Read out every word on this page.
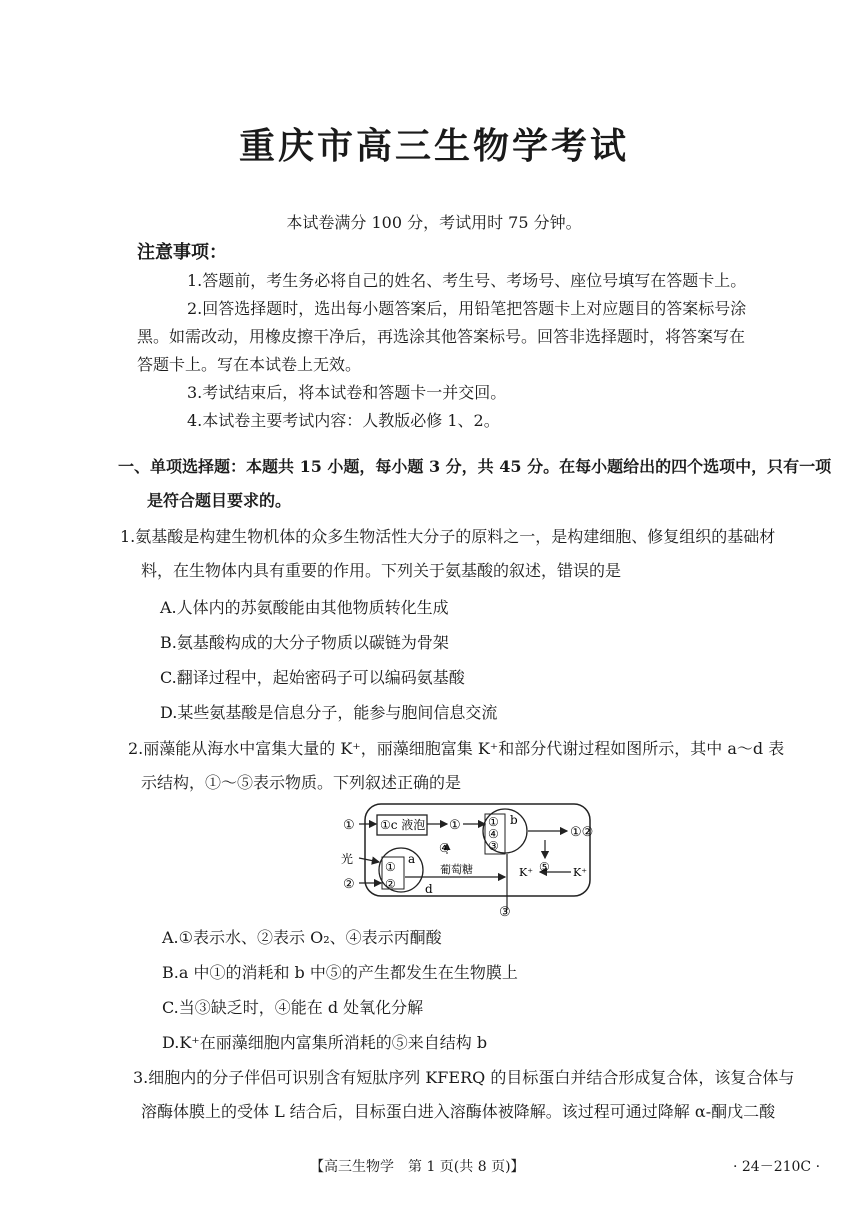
重庆市高三生物学考试
本试卷满分 100 分，考试用时 75 分钟。
注意事项：
1.答题前，考生务必将自己的姓名、考生号、考场号、座位号填写在答题卡上。
2.回答选择题时，选出每小题答案后，用铅笔把答题卡上对应题目的答案标号涂
黑。如需改动，用橡皮擦干净后，再选涂其他答案标号。回答非选择题时，将答案写在
答题卡上。写在本试卷上无效。
3.考试结束后，将本试卷和答题卡一并交回。
4.本试卷主要考试内容：人教版必修 1、2。
一、单项选择题：本题共 15 小题，每小题 3 分，共 45 分。在每小题给出的四个选项中，只有一项
是符合题目要求的。
1.氨基酸是构建生物机体的众多生物活性大分子的原料之一，是构建细胞、修复组织的基础材
料，在生物体内具有重要的作用。下列关于氨基酸的叙述，错误的是
A.人体内的苏氨酸能由其他物质转化生成
B.氨基酸构成的大分子物质以碳链为骨架
C.翻译过程中，起始密码子可以编码氨基酸
D.某些氨基酸是信息分子，能参与胞间信息交流
2.丽藻能从海水中富集大量的 K⁺，丽藻细胞富集 K⁺和部分代谢过程如图所示，其中 a～d 表
示结构，①～⑤表示物质。下列叙述正确的是
① ①c 液泡 ①
光
②
①
a
②
④
葡萄糖
d
① b
④
③
①②
⑤
K⁺	K⁺
③
A.①表示水、②表示 O₂、④表示丙酮酸
B.a 中①的消耗和 b 中⑤的产生都发生在生物膜上
C.当③缺乏时，④能在 d 处氧化分解
D.K⁺在丽藻细胞内富集所消耗的⑤来自结构 b
3.细胞内的分子伴侣可识别含有短肽序列 KFERQ 的目标蛋白并结合形成复合体，该复合体与
溶酶体膜上的受体 L 结合后，目标蛋白进入溶酶体被降解。该过程可通过降解 α-酮戊二酸
【高三生物学　第 1 页(共 8 页)】	· 24－210C ·
